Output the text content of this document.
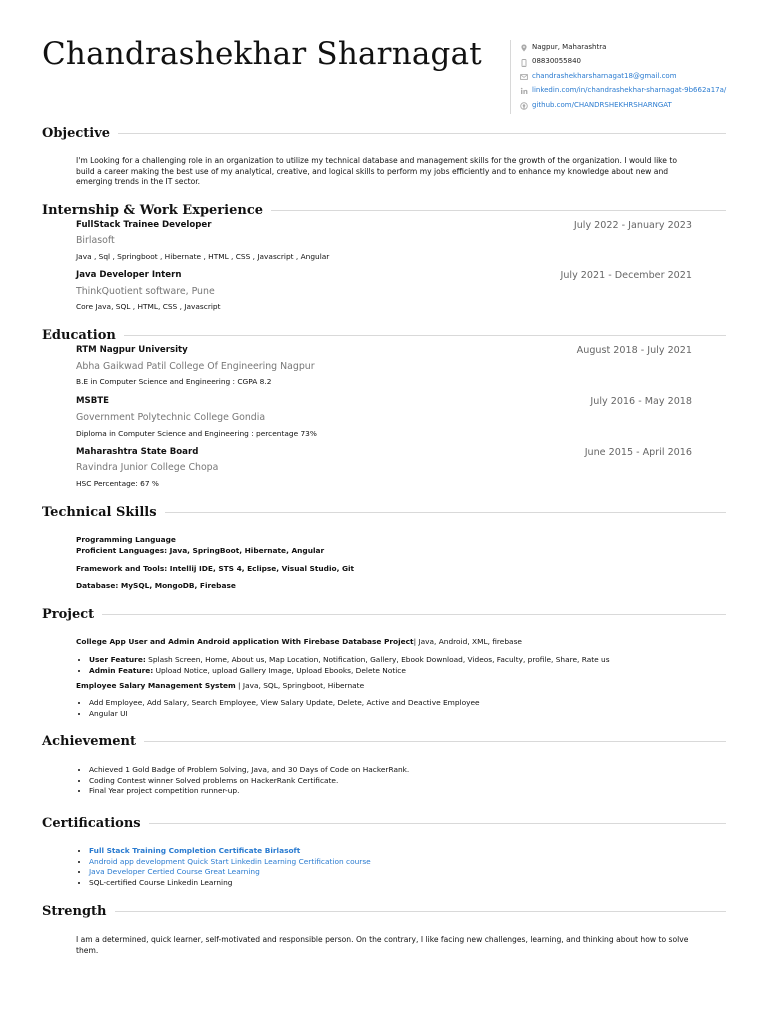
Chandrashekhar Sharnagat	Nagpur, Maharashtra
08830055840
chandrashekharsharnagat18@gmail.com
linkedin.com/in/chandrashekhar-sharnagat-9b662a17a/
github.com/CHANDRSHEKHRSHARNGAT
Objective
I'm Looking for a challenging role in an organization to utilize my technical database and management skills for the growth of the organization. I would like to build a career making the best use of my analytical, creative, and logical skills to perform my jobs efficiently and to enhance my knowledge about new and emerging trends in the IT sector.
Internship & Work Experience
FullStack Trainee Developer	July 2022 - January 2023
Birlasoft
Java , Sql , Springboot , Hibernate , HTML , CSS , Javascript , Angular
Java Developer Intern	July 2021 - December 2021
ThinkQuotient software, Pune
Core Java, SQL , HTML, CSS , Javascript
Education
RTM Nagpur University	August 2018 - July 2021
Abha Gaikwad Patil College Of Engineering Nagpur
B.E in Computer Science and Engineering : CGPA 8.2
MSBTE	July 2016 - May 2018
Government Polytechnic College Gondia
Diploma in Computer Science and Engineering : percentage 73%
Maharashtra State Board	June 2015 - April 2016
Ravindra Junior College Chopa
HSC Percentage: 67 %
Technical Skills
Programming Language
Proficient Languages: Java, SpringBoot, Hibernate, Angular
Framework and Tools: Intellij IDE, STS 4, Eclipse, Visual Studio, Git
Database: MySQL, MongoDB, Firebase
Project
College App User and Admin Android application With Firebase Database Project| Java, Android, XML, firebase
• User Feature: Splash Screen, Home, About us, Map Location, Notification, Gallery, Ebook Download, Videos, Faculty, profile, Share, Rate us
• Admin Feature: Upload Notice, upload Gallery Image, Upload Ebooks, Delete Notice
Employee Salary Management System | Java, SQL, Springboot, Hibernate
• Add Employee, Add Salary, Search Employee, View Salary Update, Delete, Active and Deactive Employee
• Angular UI
Achievement
• Achieved 1 Gold Badge of Problem Solving, Java, and 30 Days of Code on HackerRank.
• Coding Contest winner Solved problems on HackerRank Certificate.
• Final Year project competition runner-up.
Certifications
• Full Stack Training Completion Certificate Birlasoft
• Android app development Quick Start Linkedin Learning Certification course
• Java Developer Certied Course Great Learning
• SQL-certified Course Linkedin Learning
Strength
I am a determined, quick learner, self-motivated and responsible person. On the contrary, I like facing new challenges, learning, and thinking about how to solve them.
